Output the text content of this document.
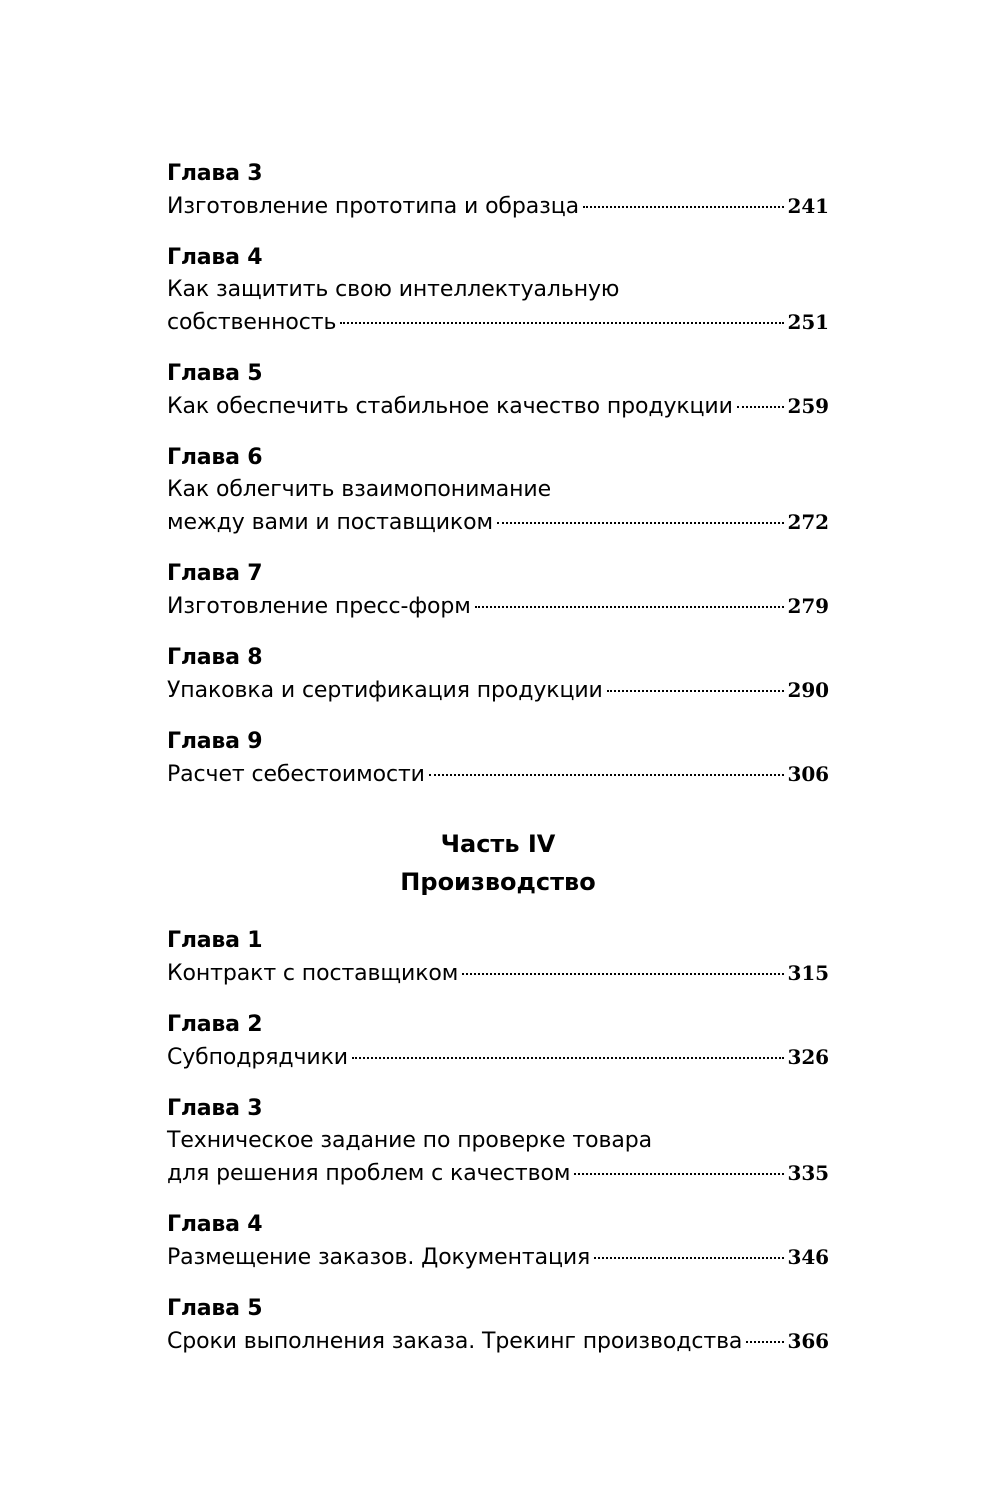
Глава 3
Изготовление прототипа и образца	241
Глава 4
Как защитить свою интеллектуальную
собственность	251
Глава 5
Как обеспечить стабильное качество продукции	259
Глава 6
Как облегчить взаимопонимание
между вами и поставщиком	272
Глава 7
Изготовление пресс-форм	279
Глава 8
Упаковка и сертификация продукции	290
Глава 9
Расчет себестоимости	306
Часть IV
Производство
Глава 1
Контракт с поставщиком	315
Глава 2
Субподрядчики	326
Глава 3
Техническое задание по проверке товара
для решения проблем с качеством	335
Глава 4
Размещение заказов. Документация	346
Глава 5
Сроки выполнения заказа. Трекинг производства 366
